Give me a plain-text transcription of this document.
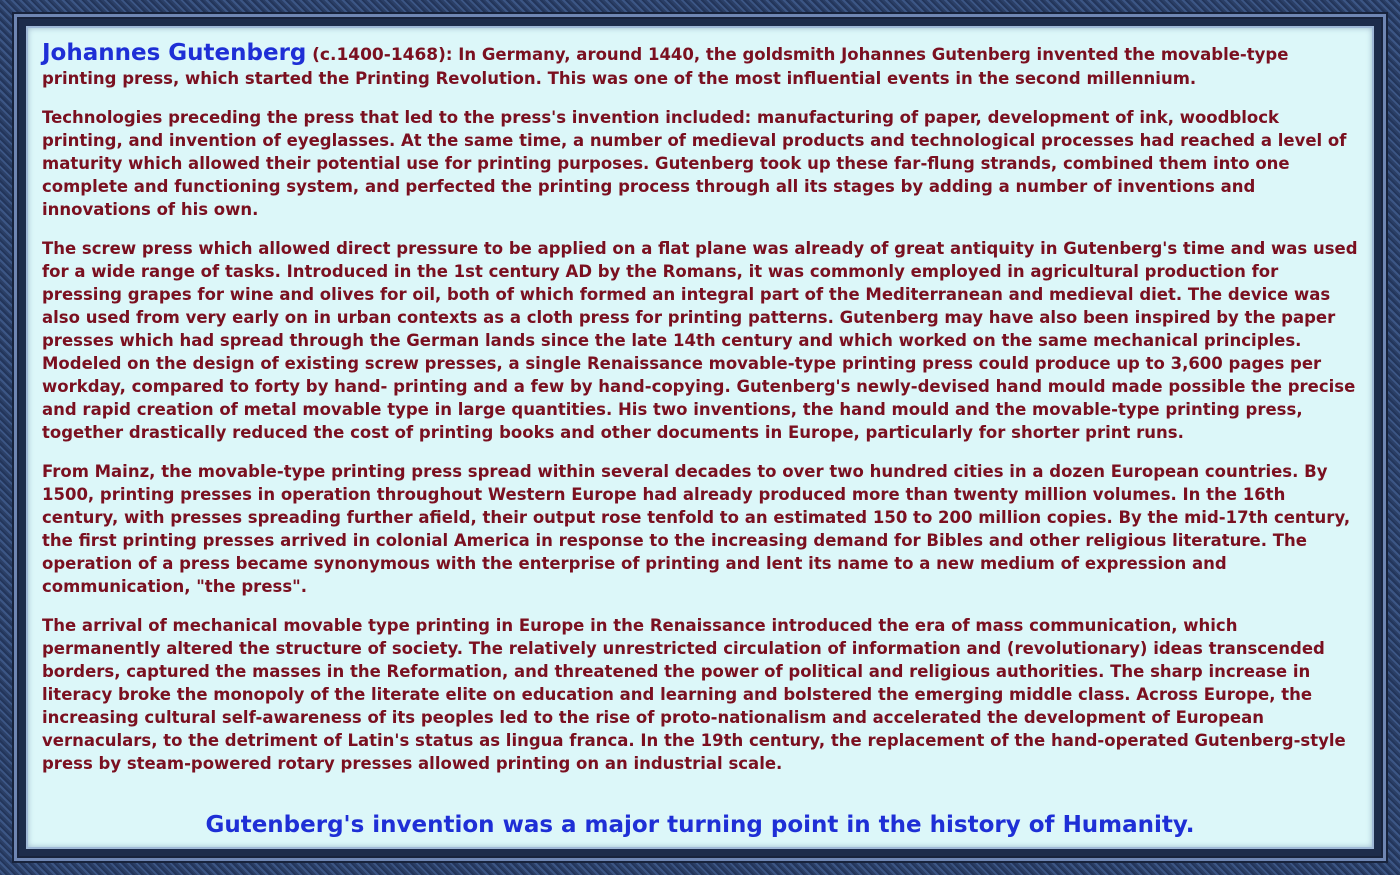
Johannes Gutenberg (c.1400-1468): In Germany, around 1440, the goldsmith Johannes Gutenberg invented the movable-type printing press, which started the Printing Revolution. This was one of the most influential events in the second millennium.

Technologies preceding the press that led to the press's invention included: manufacturing of paper, development of ink, woodblock printing, and invention of eyeglasses. At the same time, a number of medieval products and technological processes had reached a level of maturity which allowed their potential use for printing purposes. Gutenberg took up these far-flung strands, combined them into one complete and functioning system, and perfected the printing process through all its stages by adding a number of inventions and innovations of his own.

The screw press which allowed direct pressure to be applied on a flat plane was already of great antiquity in Gutenberg's time and was used for a wide range of tasks. Introduced in the 1st century AD by the Romans, it was commonly employed in agricultural production for pressing grapes for wine and olives for oil, both of which formed an integral part of the Mediterranean and medieval diet. The device was also used from very early on in urban contexts as a cloth press for printing patterns. Gutenberg may have also been inspired by the paper presses which had spread through the German lands since the late 14th century and which worked on the same mechanical principles. Modeled on the design of existing screw presses, a single Renaissance movable-type printing press could produce up to 3,600 pages per workday, compared to forty by hand- printing and a few by hand-copying. Gutenberg's newly-devised hand mould made possible the precise and rapid creation of metal movable type in large quantities. His two inventions, the hand mould and the movable-type printing press, together drastically reduced the cost of printing books and other documents in Europe, particularly for shorter print runs.

From Mainz, the movable-type printing press spread within several decades to over two hundred cities in a dozen European countries. By 1500, printing presses in operation throughout Western Europe had already produced more than twenty million volumes. In the 16th century, with presses spreading further afield, their output rose tenfold to an estimated 150 to 200 million copies. By the mid-17th century, the first printing presses arrived in colonial America in response to the increasing demand for Bibles and other religious literature. The operation of a press became synonymous with the enterprise of printing and lent its name to a new medium of expression and communication, "the press".

The arrival of mechanical movable type printing in Europe in the Renaissance introduced the era of mass communication, which permanently altered the structure of society. The relatively unrestricted circulation of information and (revolutionary) ideas transcended borders, captured the masses in the Reformation, and threatened the power of political and religious authorities. The sharp increase in literacy broke the monopoly of the literate elite on education and learning and bolstered the emerging middle class. Across Europe, the increasing cultural self-awareness of its peoples led to the rise of proto-nationalism and accelerated the development of European vernaculars, to the detriment of Latin's status as lingua franca. In the 19th century, the replacement of the hand-operated Gutenberg-style press by steam-powered rotary presses allowed printing on an industrial scale.

Gutenberg's invention was a major turning point in the history of Humanity.
